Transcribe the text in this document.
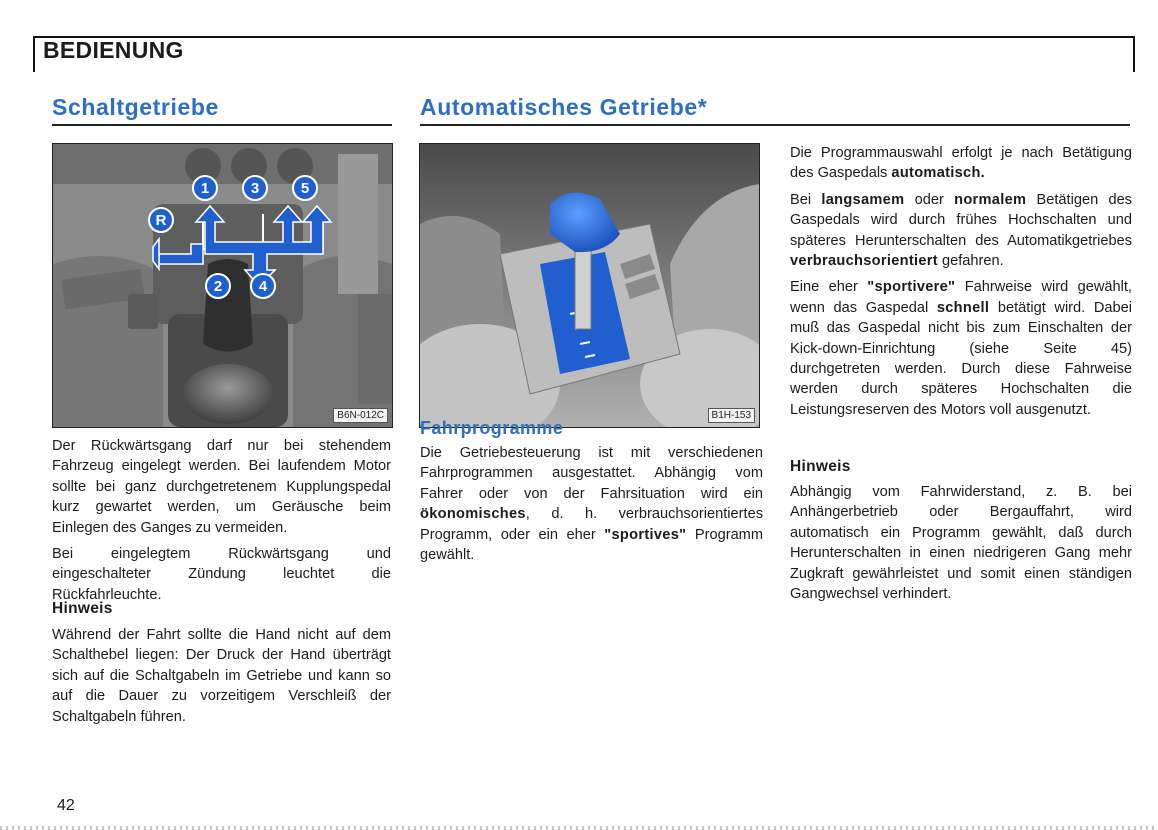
BEDIENUNG
Schaltgetriebe
1	3	5
R
2 4
B6N-012C

Der Rückwärtsgang darf nur bei stehendem Fahrzeug eingelegt werden. Bei laufendem Motor sollte bei ganz durchgetretenem Kupplungspedal kurz gewartet werden, um Geräusche beim Einlegen des Ganges zu vermeiden.

Bei eingelegtem Rückwärtsgang und eingeschalteter Zündung leuchtet die Rückfahrleuchte.

Hinweis

Während der Fahrt sollte die Hand nicht auf dem Schalthebel liegen: Der Druck der Hand überträgt sich auf die Schaltgabeln im Getriebe und kann so auf die Dauer zu vorzeitigem Verschleiß der Schaltgabeln führen.

Automatisches Getriebe*
B1H-153
Fahrprogramme

Die Getriebesteuerung ist mit verschiedenen Fahrprogrammen ausgestattet. Abhängig vom Fahrer oder von der Fahrsituation wird ein ökonomisches, d. h. verbrauchsorientiertes Programm, oder ein eher "sportives" Programm gewählt.

Die Programmauswahl erfolgt je nach Betätigung des Gaspedals automatisch.

Bei langsamem oder normalem Betätigen des Gaspedals wird durch frühes Hochschalten und späteres Herunterschalten des Automatikgetriebes verbrauchsorientiert gefahren.

Eine eher "sportivere" Fahrweise wird gewählt, wenn das Gaspedal schnell betätigt wird. Dabei muß das Gaspedal nicht bis zum Einschalten der Kick-down-Einrichtung (siehe Seite 45) durchgetreten werden. Durch diese Fahrweise werden durch späteres Hochschalten die Leistungsreserven des Motors voll ausgenutzt.

Hinweis

Abhängig vom Fahrwiderstand, z. B. bei Anhängerbetrieb oder Bergauffahrt, wird automatisch ein Programm gewählt, daß durch Herunterschalten in einen niedrigeren Gang mehr Zugkraft gewährleistet und somit einen ständigen Gangwechsel verhindert.

42
